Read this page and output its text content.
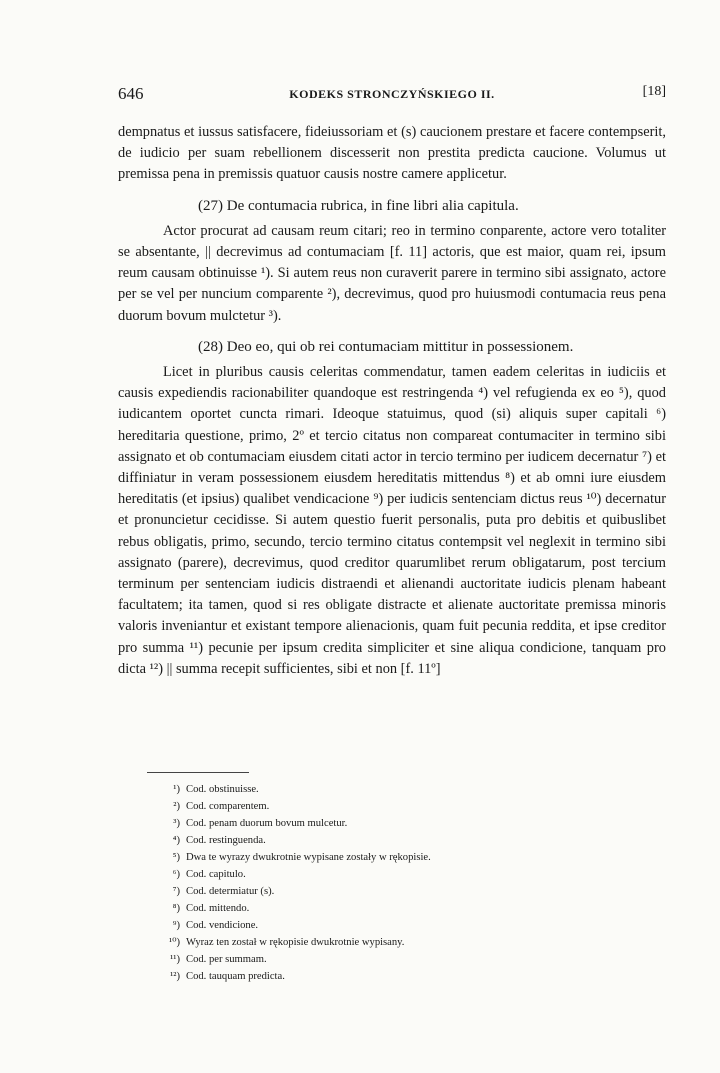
646	KODEKS STRONCZYŃSKIEGO II.	[18]

dempnatus et iussus satisfacere, fideiussoriam et (s) caucionem prestare et facere contempserit, de iudicio per suam rebellionem discesserit non prestita predicta caucione. Volumus ut premissa pena in premissis quatuor causis nostre camere applicetur.

(27) De contumacia rubrica, in fine libri alia capitula.

Actor procurat ad causam reum citari; reo in termino conparente, actore vero totaliter se absentante, || decrevimus ad contumaciam [f. 11] actoris, que est maior, quam rei, ipsum reum causam obtinuisse ¹). Si autem reus non curaverit parere in termino sibi assignato, actore per se vel per nuncium comparente ²), decrevimus, quod pro huiusmodi contumacia reus pena duorum bovum mulctetur ³).

(28) Deo eo, qui ob rei contumaciam mittitur in possessionem.

Licet in pluribus causis celeritas commendatur, tamen eadem celeritas in iudiciis et causis expediendis racionabiliter quandoque est restringenda ⁴) vel refugienda ex eo ⁵), quod iudicantem oportet cuncta rimari. Ideoque statuimus, quod (si) aliquis super capitali ⁶) hereditaria questione, primo, 2º et tercio citatus non compareat contumaciter in termino sibi assignato et ob contumaciam eiusdem citati actor in tercio termino per iudicem decernatur ⁷) et diffiniatur in veram possessionem eiusdem hereditatis mittendus ⁸) et ab omni iure eiusdem hereditatis (et ipsius) qualibet vendicacione ⁹) per iudicis sentenciam dictus reus ¹⁰) decernatur et pronuncietur cecidisse. Si autem questio fuerit personalis, puta pro debitis et quibuslibet rebus obligatis, primo, secundo, tercio termino citatus contempsit vel neglexit in termino sibi assignato (parere), decrevimus, quod creditor quarumlibet rerum obligatarum, post tercium terminum per sentenciam iudicis distraendi et alienandi auctoritate iudicis plenam habeant facultatem; ita tamen, quod si res obligate distracte et alienate auctoritate premissa minoris valoris inveniantur et existant tempore alienacionis, quam fuit pecunia reddita, et ipse creditor pro summa ¹¹) pecunie per ipsum credita simpliciter et sine aliqua condicione, tanquam pro dicta ¹²) || summa recepit sufficientes, sibi et non [f. 11º]

¹) Cod. obstinuisse.
²) Cod. comparentem.
³) Cod. penam duorum bovum mulcetur.
⁴) Cod. restinguenda.
⁵) Dwa te wyrazy dwukrotnie wypisane zostały w rękopisie.
⁶) Cod. capitulo.
⁷) Cod. determiatur (s).
⁸) Cod. mittendo.
⁹) Cod. vendicione.
¹⁰) Wyraz ten został w rękopisie dwukrotnie wypisany.
¹¹) Cod. per summam.
¹²) Cod. tauquam predicta.
